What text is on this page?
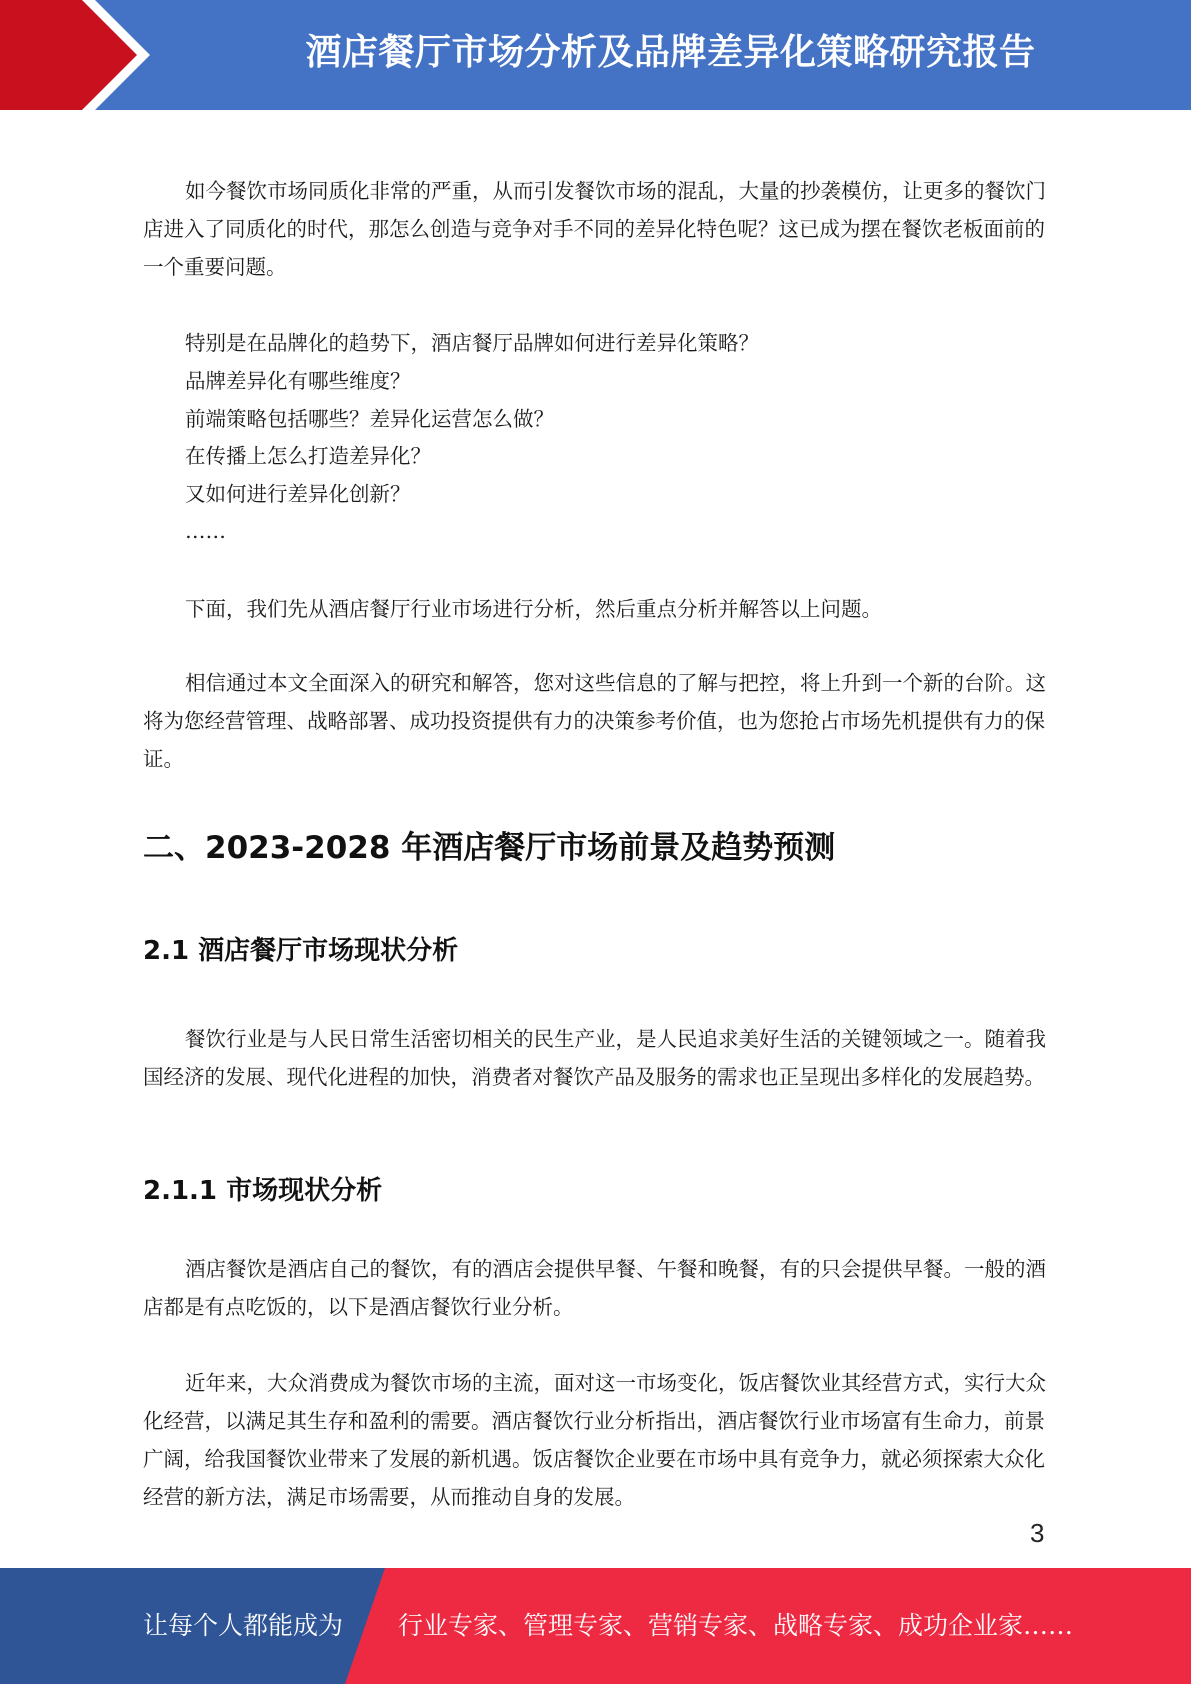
酒店餐厅市场分析及品牌差异化策略研究报告

如今餐饮市场同质化非常的严重，从而引发餐饮市场的混乱，大量的抄袭模仿，让更多的餐饮门店进入了同质化的时代，那怎么创造与竞争对手不同的差异化特色呢？这已成为摆在餐饮老板面前的一个重要问题。

特别是在品牌化的趋势下，酒店餐厅品牌如何进行差异化策略？
品牌差异化有哪些维度？
前端策略包括哪些？差异化运营怎么做？
在传播上怎么打造差异化？
又如何进行差异化创新？
……

下面，我们先从酒店餐厅行业市场进行分析，然后重点分析并解答以上问题。

相信通过本文全面深入的研究和解答，您对这些信息的了解与把控，将上升到一个新的台阶。这将为您经营管理、战略部署、成功投资提供有力的决策参考价值，也为您抢占市场先机提供有力的保证。

二、2023-2028 年酒店餐厅市场前景及趋势预测
2.1 酒店餐厅市场现状分析

餐饮行业是与人民日常生活密切相关的民生产业，是人民追求美好生活的关键领域之一。随着我国经济的发展、现代化进程的加快，消费者对餐饮产品及服务的需求也正呈现出多样化的发展趋势。

2.1.1 市场现状分析

酒店餐饮是酒店自己的餐饮，有的酒店会提供早餐、午餐和晚餐，有的只会提供早餐。一般的酒店都是有点吃饭的，以下是酒店餐饮行业分析。

近年来，大众消费成为餐饮市场的主流，面对这一市场变化，饭店餐饮业其经营方式，实行大众化经营，以满足其生存和盈利的需要。酒店餐饮行业分析指出，酒店餐饮行业市场富有生命力，前景广阔，给我国餐饮业带来了发展的新机遇。饭店餐饮企业要在市场中具有竞争力，就必须探索大众化经营的新方法，满足市场需要，从而推动自身的发展。

3
让每个人都能成为 行业专家、管理专家、营销专家、战略专家、成功企业家……
